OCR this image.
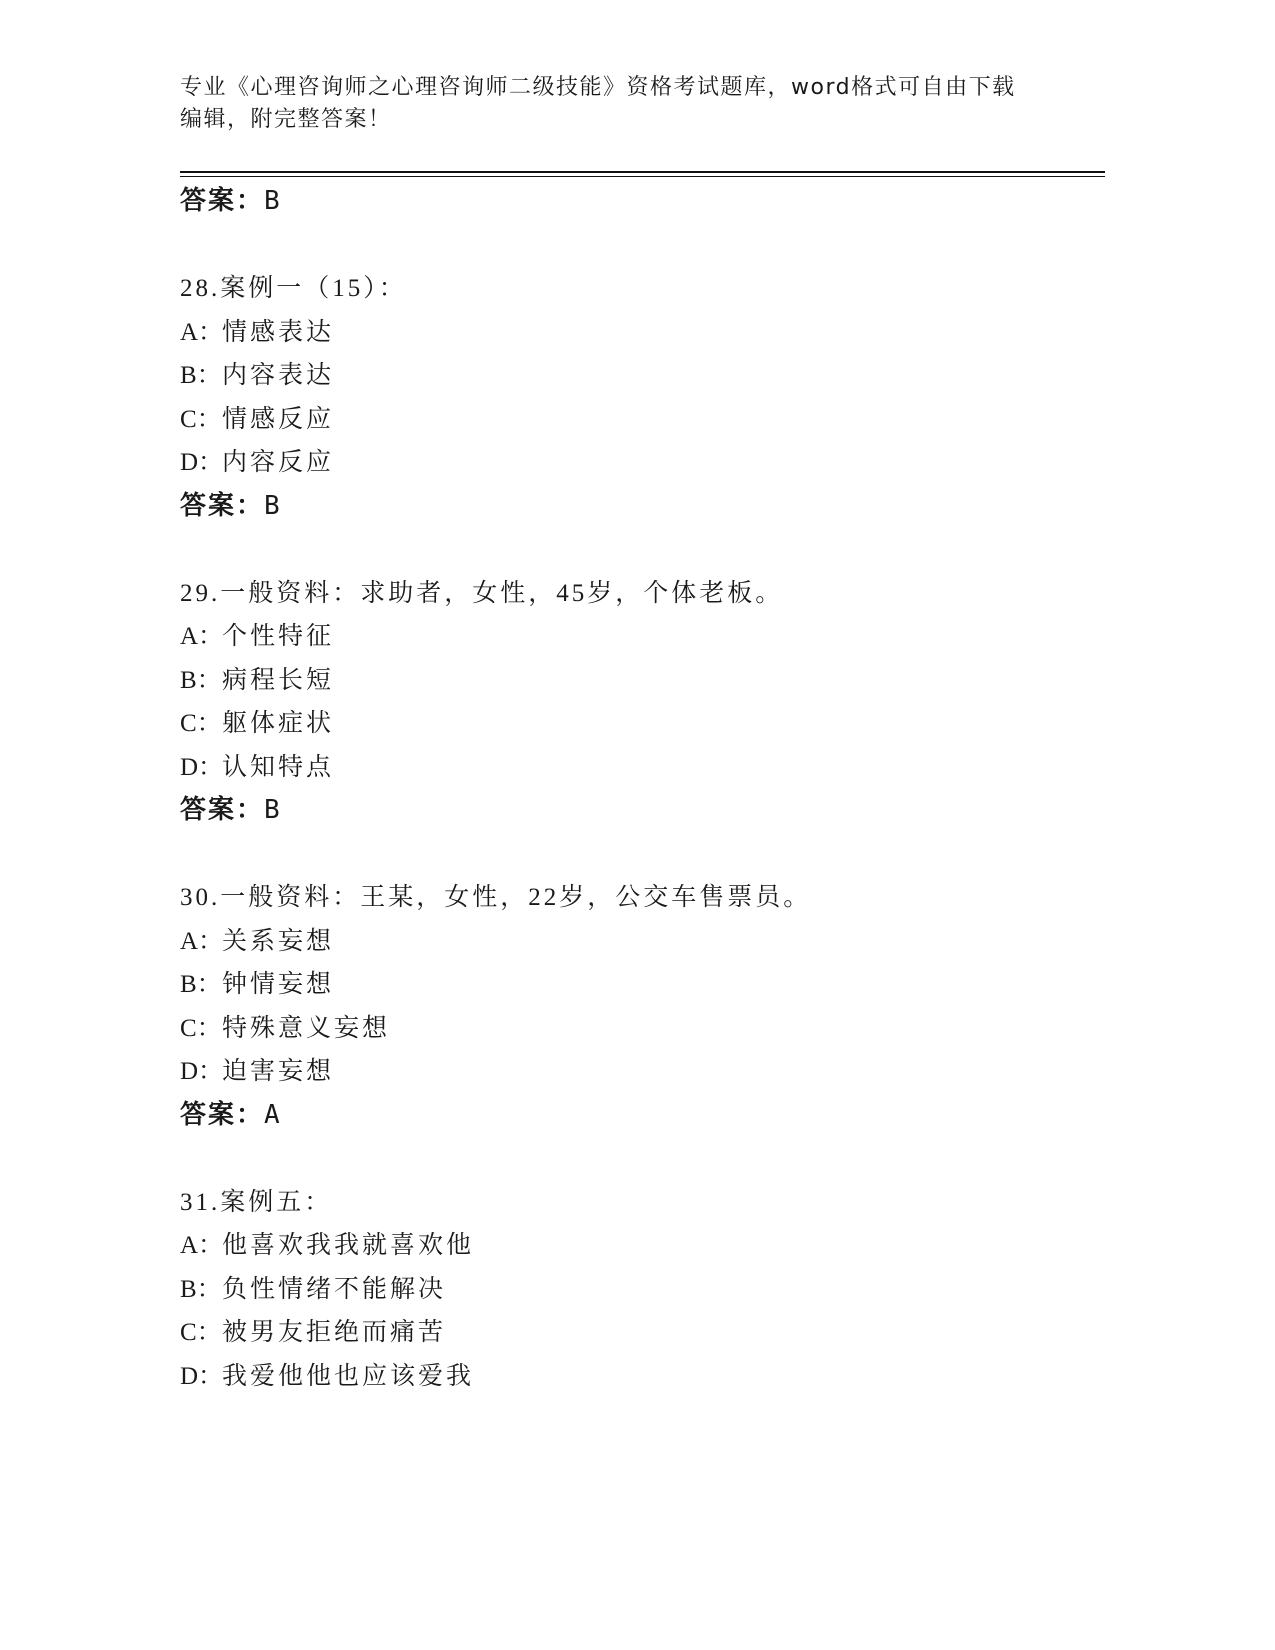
专业《心理咨询师之心理咨询师二级技能》资格考试题库，word格式可自由下载
编辑，附完整答案！
答案：B
28.案例一（15）：
A：情感表达
B：内容表达
C：情感反应
D：内容反应
答案：B
29.一般资料：求助者，女性，45岁，个体老板。
A：个性特征
B：病程长短
C：躯体症状
D：认知特点
答案：B
30.一般资料：王某，女性，22岁，公交车售票员。
A：关系妄想
B：钟情妄想
C：特殊意义妄想
D：迫害妄想
答案：A
31.案例五：
A：他喜欢我我就喜欢他
B：负性情绪不能解决
C：被男友拒绝而痛苦
D：我爱他他也应该爱我
